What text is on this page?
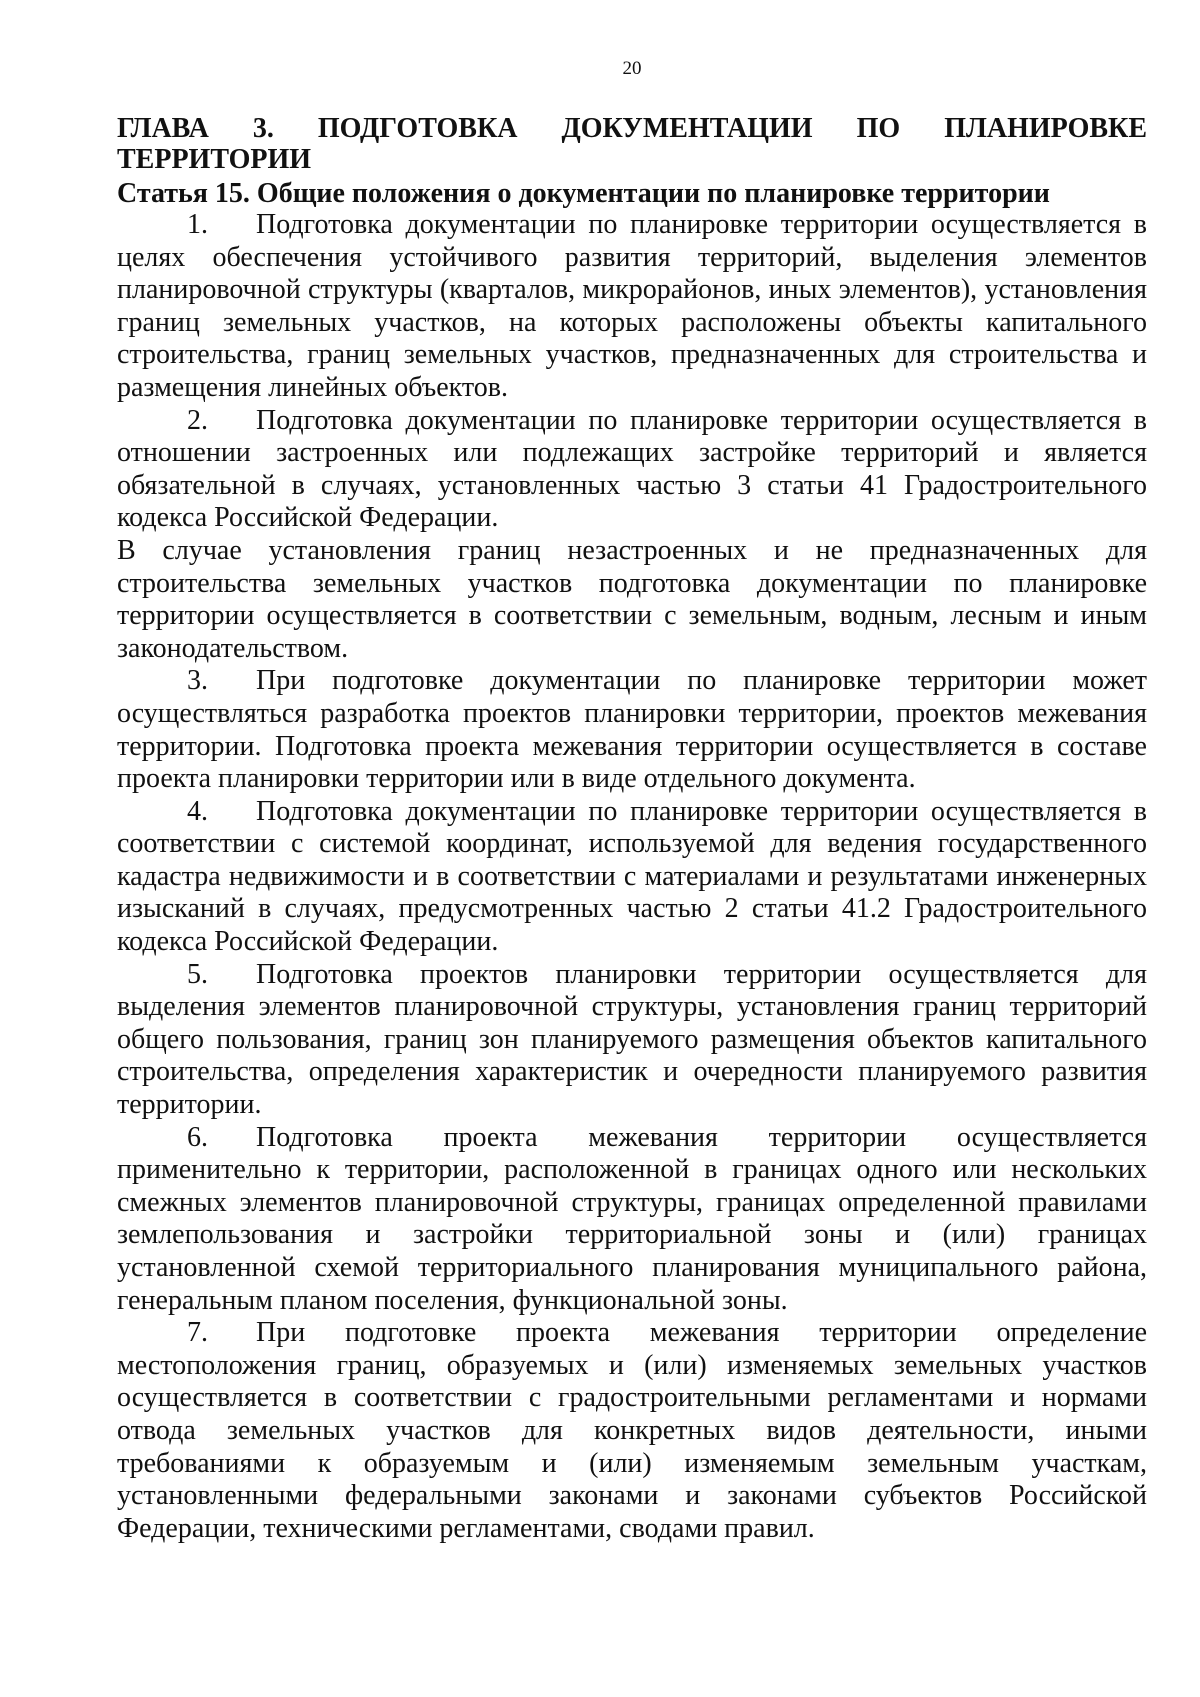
20
ГЛАВА 3. ПОДГОТОВКА ДОКУМЕНТАЦИИ ПО ПЛАНИРОВКЕ
ТЕРРИТОРИИ
Статья 15. Общие положения о документации по планировке территории

1. Подготовка документации по планировке территории осуществляется в целях обеспечения устойчивого развития территорий, выделения элементов планировочной структуры (кварталов, микрорайонов, иных элементов), установления границ земельных участков, на которых расположены объекты капитального строительства, границ земельных участков, предназначенных для строительства и размещения линейных объектов.

2. Подготовка документации по планировке территории осуществляется в отношении застроенных или подлежащих застройке территорий и является обязательной в случаях, установленных частью 3 статьи 41 Градостроительного кодекса Российской Федерации.

В случае установления границ незастроенных и не предназначенных для строительства земельных участков подготовка документации по планировке территории осуществляется в соответствии с земельным, водным, лесным и иным законодательством.

3. При подготовке документации по планировке территории может осуществляться разработка проектов планировки территории, проектов межевания территории. Подготовка проекта межевания территории осуществляется в составе проекта планировки территории или в виде отдельного документа.

4. Подготовка документации по планировке территории осуществляется в соответствии с системой координат, используемой для ведения государственного кадастра недвижимости и в соответствии с материалами и результатами инженерных изысканий в случаях, предусмотренных частью 2 статьи 41.2 Градостроительного кодекса Российской Федерации.

5. Подготовка проектов планировки территории осуществляется для выделения элементов планировочной структуры, установления границ территорий общего пользования, границ зон планируемого размещения объектов капитального строительства, определения характеристик и очередности планируемого развития территории.

6. Подготовка проекта межевания территории осуществляется применительно к территории, расположенной в границах одного или нескольких смежных элементов планировочной структуры, границах определенной правилами землепользования и застройки территориальной зоны и (или) границах установленной схемой территориального планирования муниципального района, генеральным планом поселения, функциональной зоны.

7. При подготовке проекта межевания территории определение местоположения границ, образуемых и (или) изменяемых земельных участков осуществляется в соответствии с градостроительными регламентами и нормами отвода земельных участков для конкретных видов деятельности, иными требованиями к образуемым и (или) изменяемым земельным участкам, установленными федеральными законами и законами субъектов Российской Федерации, техническими регламентами, сводами правил.
